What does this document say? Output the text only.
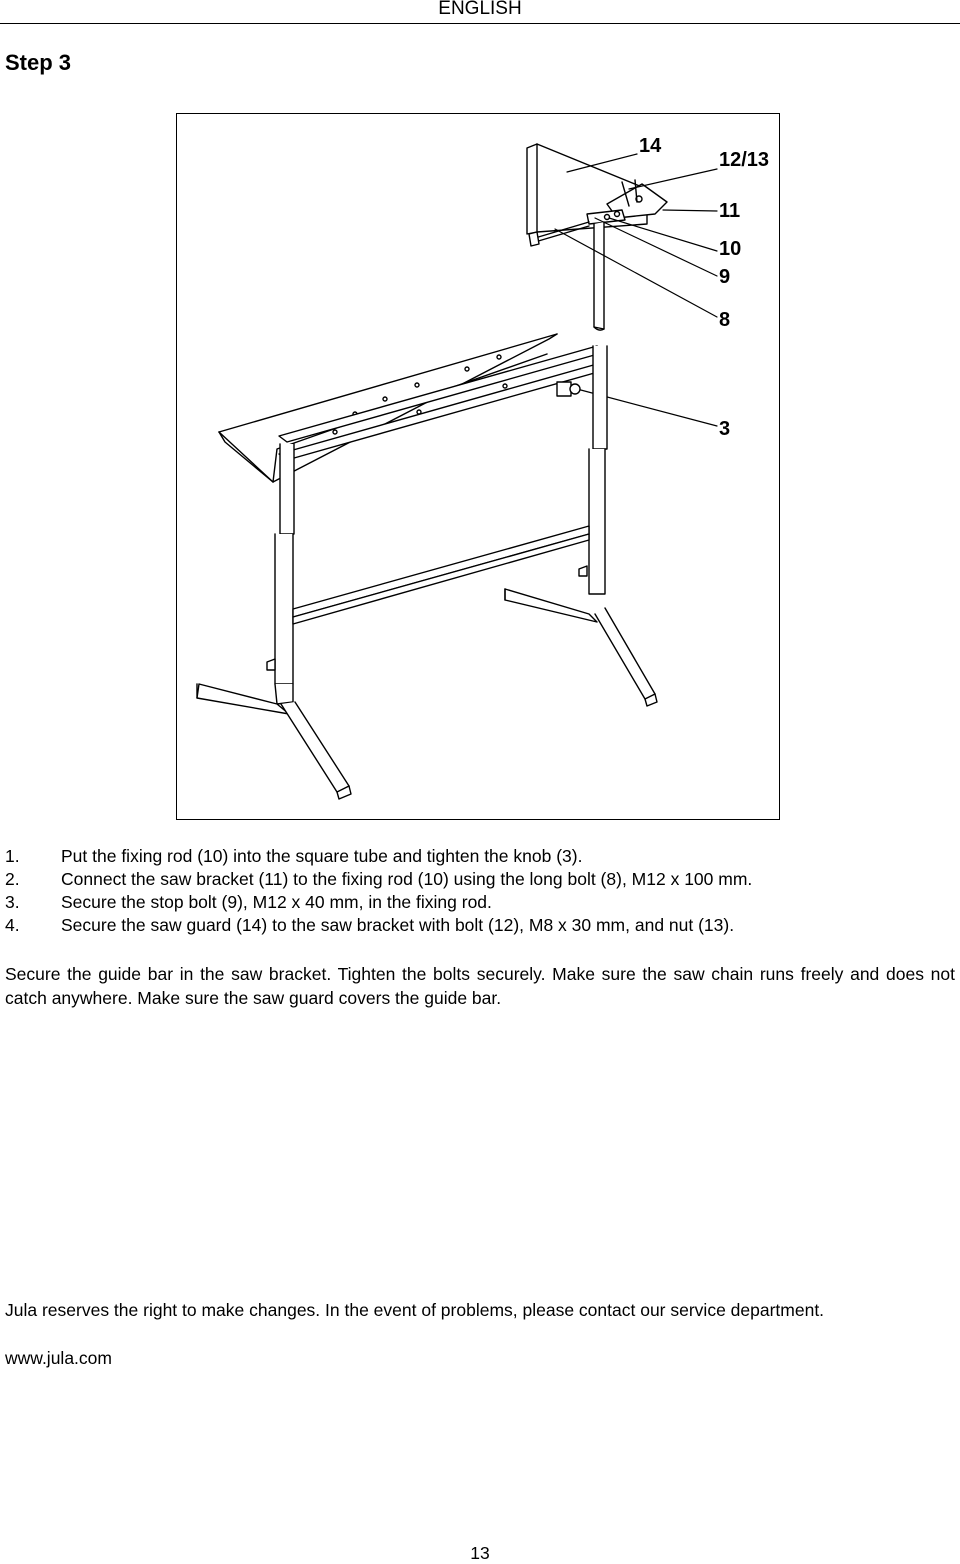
ENGLISH
Step 3
14
12/13
11
10
9
8
3
1.	Put the fixing rod (10) into the square tube and tighten the knob (3).
2.	Connect the saw bracket (11) to the fixing rod (10) using the long bolt (8), M12 x 100 mm.
3.	Secure the stop bolt (9), M12 x 40 mm, in the fixing rod.
4.	Secure the saw guard (14) to the saw bracket with bolt (12), M8 x 30 mm, and nut (13).

Secure the guide bar in the saw bracket. Tighten the bolts securely. Make sure the saw chain runs freely and does not catch anywhere. Make sure the saw guard covers the guide bar.

Jula reserves the right to make changes. In the event of problems, please contact our service department.

www.jula.com
13
